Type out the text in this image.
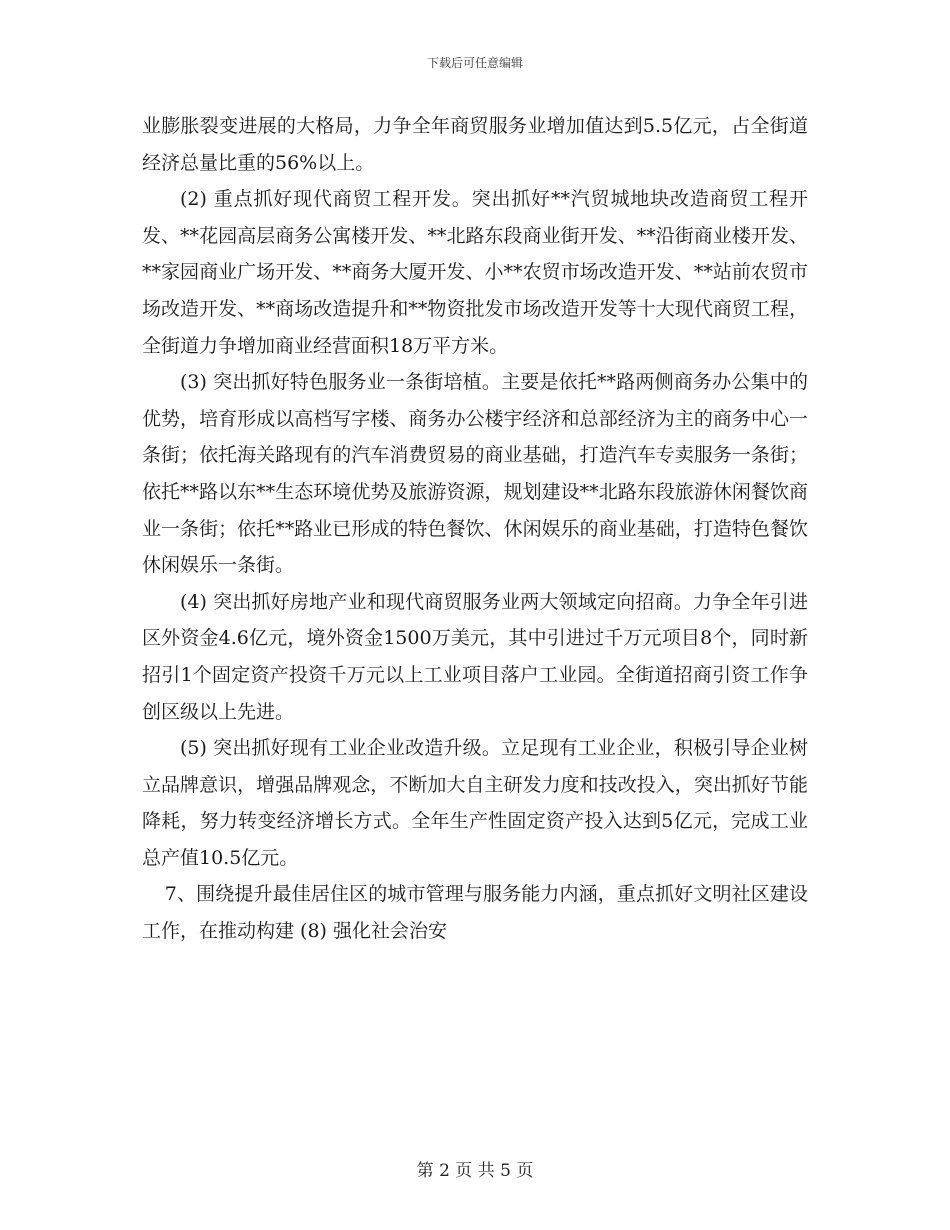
下载后可任意编辑

业膨胀裂变进展的大格局，力争全年商贸服务业增加值达到5.5亿元，占全街道经济总量比重的56%以上。

(2) 重点抓好现代商贸工程开发。突出抓好**汽贸城地块改造商贸工程开发、**花园高层商务公寓楼开发、**北路东段商业街开发、**沿街商业楼开发、**家园商业广场开发、**商务大厦开发、小**农贸市场改造开发、**站前农贸市场改造开发、**商场改造提升和**物资批发市场改造开发等十大现代商贸工程，全街道力争增加商业经营面积18万平方米。

(3) 突出抓好特色服务业一条街培植。主要是依托**路两侧商务办公集中的优势，培育形成以高档写字楼、商务办公楼宇经济和总部经济为主的商务中心一条街；依托海关路现有的汽车消费贸易的商业基础，打造汽车专卖服务一条街；依托**路以东**生态环境优势及旅游资源，规划建设**北路东段旅游休闲餐饮商业一条街；依托**路业已形成的特色餐饮、休闲娱乐的商业基础，打造特色餐饮休闲娱乐一条街。

(4) 突出抓好房地产业和现代商贸服务业两大领域定向招商。力争全年引进区外资金4.6亿元，境外资金1500万美元，其中引进过千万元项目8个，同时新招引1个固定资产投资千万元以上工业项目落户工业园。全街道招商引资工作争创区级以上先进。

(5) 突出抓好现有工业企业改造升级。立足现有工业企业，积极引导企业树立品牌意识，增强品牌观念，不断加大自主研发力度和技改投入，突出抓好节能降耗，努力转变经济增长方式。全年生产性固定资产投入达到5亿元，完成工业总产值10.5亿元。

7、围绕提升最佳居住区的城市管理与服务能力内涵，重点抓好文明社区建设工作，在推动构建 (8) 强化社会治安

第 2 页 共 5 页
